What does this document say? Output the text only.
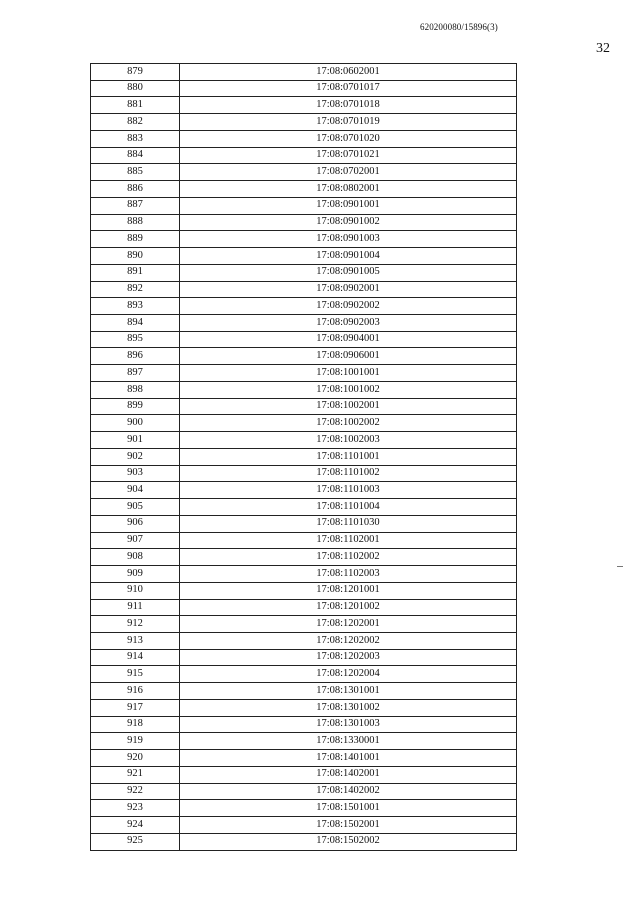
620200080/15896(3)
32
879	17:08:0602001
880	17:08:0701017
881	17:08:0701018
882	17:08:0701019
883	17:08:0701020
884	17:08:0701021
885	17:08:0702001
886	17:08:0802001
887	17:08:0901001
888	17:08:0901002
889	17:08:0901003
890	17:08:0901004
891	17:08:0901005
892	17:08:0902001
893	17:08:0902002
894	17:08:0902003
895	17:08:0904001
896	17:08:0906001
897	17:08:1001001
898	17:08:1001002
899	17:08:1002001
900	17:08:1002002
901	17:08:1002003
902	17:08:1101001
903	17:08:1101002
904	17:08:1101003
905	17:08:1101004
906	17:08:1101030
907	17:08:1102001
908	17:08:1102002
909	17:08:1102003
910	17:08:1201001
911	17:08:1201002
912	17:08:1202001
913	17:08:1202002
914	17:08:1202003
915	17:08:1202004
916	17:08:1301001
917	17:08:1301002
918	17:08:1301003
919	17:08:1330001
920	17:08:1401001
921	17:08:1402001
922	17:08:1402002
923	17:08:1501001
924	17:08:1502001
925	17:08:1502002
